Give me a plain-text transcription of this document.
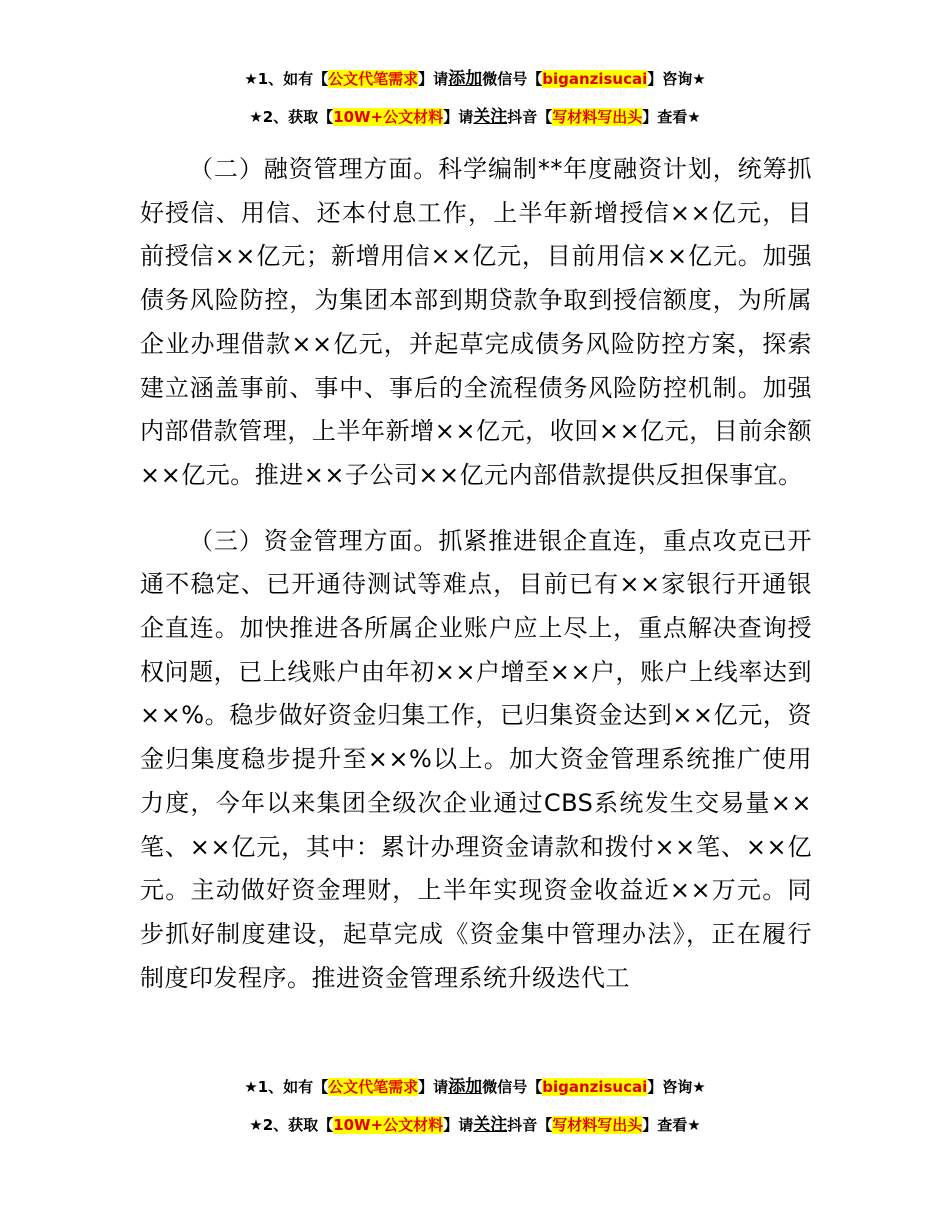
★1、如有【公文代笔需求】请添加微信号【biganzisucai】咨询★
★2、获取【10W+公文材料】请关注抖音【写材料写出头】查看★

（二）融资管理方面。科学编制**年度融资计划，统筹抓好授信、用信、还本付息工作，上半年新增授信××亿元，目前授信××亿元；新增用信××亿元，目前用信××亿元。加强债务风险防控，为集团本部到期贷款争取到授信额度，为所属企业办理借款××亿元，并起草完成债务风险防控方案，探索建立涵盖事前、事中、事后的全流程债务风险防控机制。加强内部借款管理，上半年新增××亿元，收回××亿元，目前余额××亿元。推进××子公司××亿元内部借款提供反担保事宜。

（三）资金管理方面。抓紧推进银企直连，重点攻克已开通不稳定、已开通待测试等难点，目前已有××家银行开通银企直连。加快推进各所属企业账户应上尽上，重点解决查询授权问题，已上线账户由年初××户增至××户，账户上线率达到××%。稳步做好资金归集工作，已归集资金达到××亿元，资金归集度稳步提升至××%以上。加大资金管理系统推广使用力度，今年以来集团全级次企业通过CBS系统发生交易量××笔、××亿元，其中：累计办理资金请款和拨付××笔、××亿元。主动做好资金理财，上半年实现资金收益近××万元。同步抓好制度建设，起草完成《资金集中管理办法》，正在履行制度印发程序。推进资金管理系统升级迭代工

★1、如有【公文代笔需求】请添加微信号【biganzisucai】咨询★
★2、获取【10W+公文材料】请关注抖音【写材料写出头】查看★
